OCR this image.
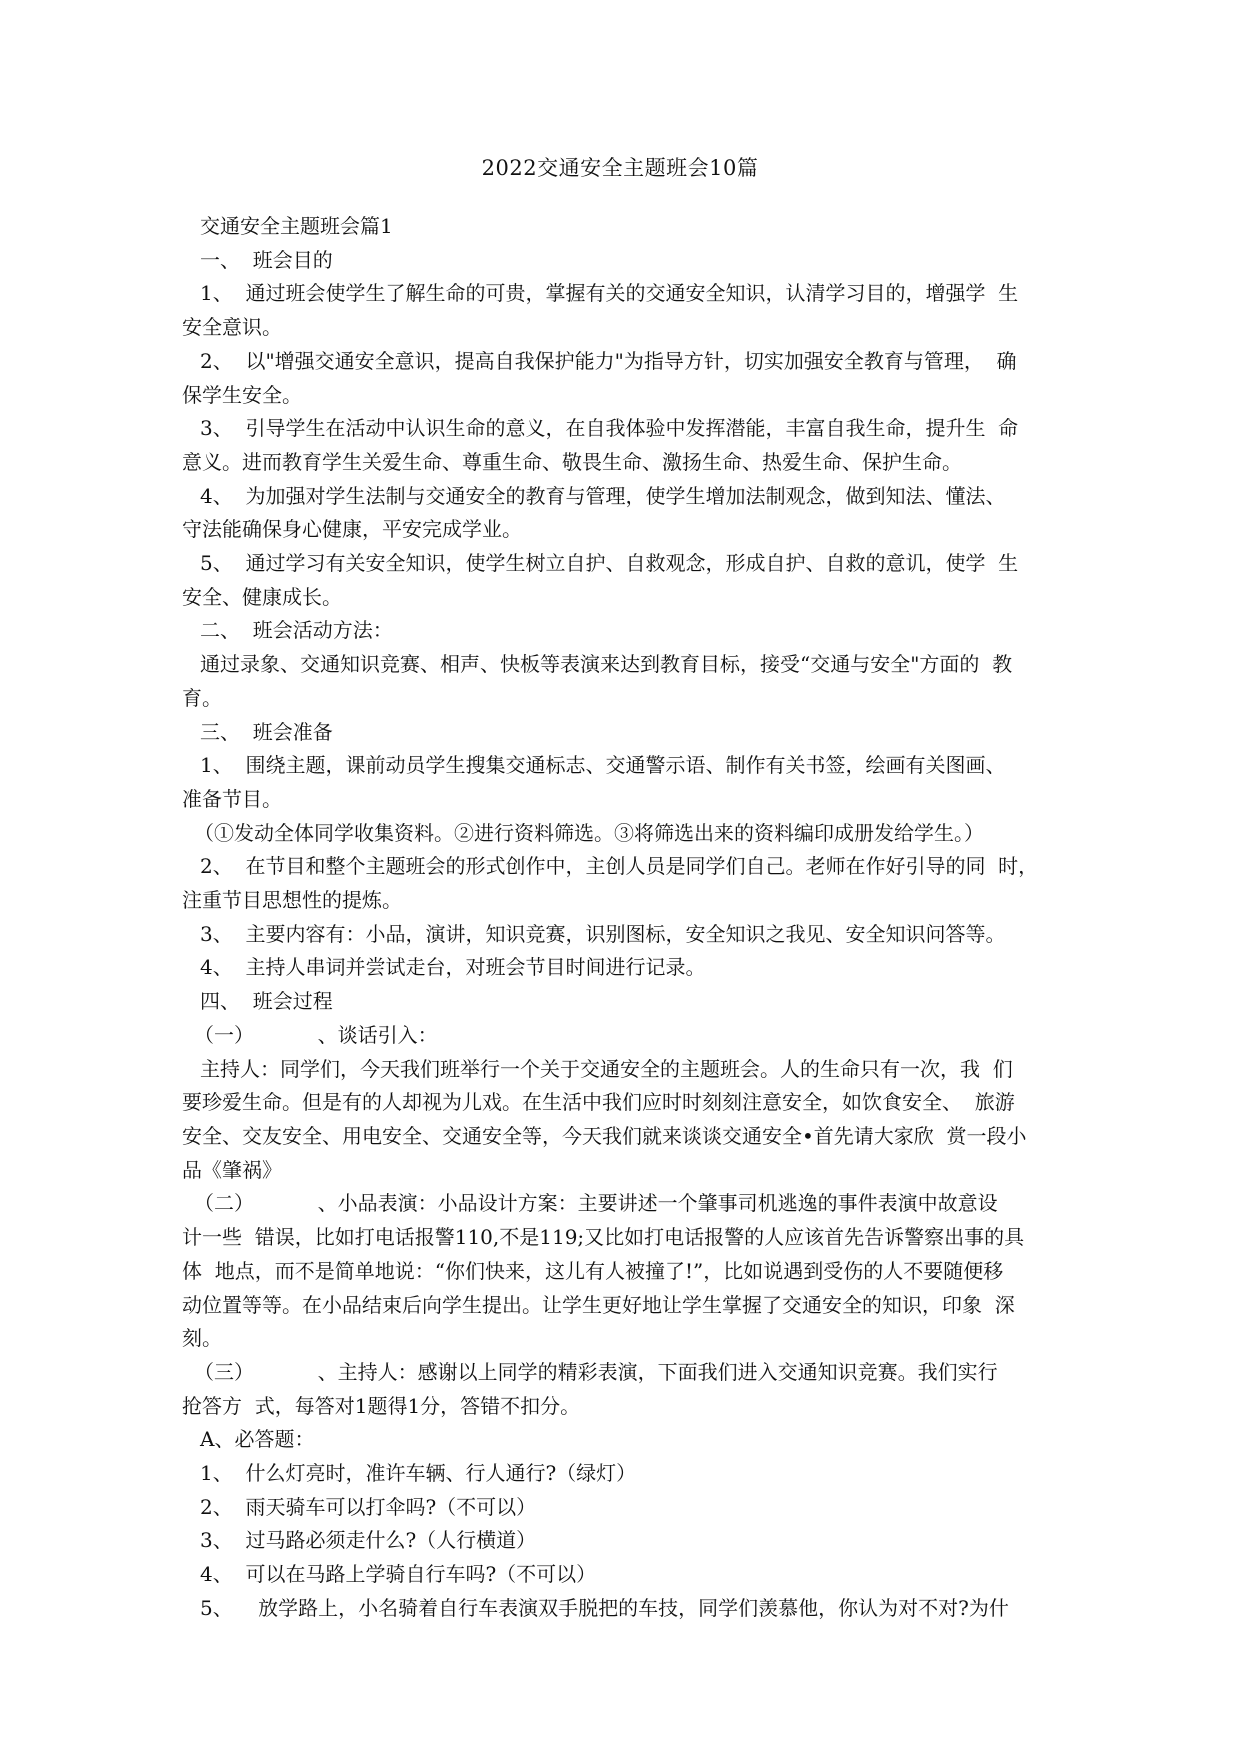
2022交通安全主题班会10篇
交通安全主题班会篇1
一、  班会目的
1、  通过班会使学生了解生命的可贵，掌握有关的交通安全知识，认清学习目的，增强学  生
安全意识。
2、  以"增强交通安全意识，提高自我保护能力"为指导方针，切实加强安全教育与管理，  确
保学生安全。
3、  引导学生在活动中认识生命的意义，在自我体验中发挥潜能，丰富自我生命，提升生  命
意义。进而教育学生关爱生命、尊重生命、敬畏生命、激扬生命、热爱生命、保护生命。
4、  为加强对学生法制与交通安全的教育与管理，使学生增加法制观念，做到知法、懂法、
守法能确保身心健康，平安完成学业。
5、  通过学习有关安全知识，使学生树立自护、自救观念，形成自护、自救的意讥，使学  生
安全、健康成长。
二、  班会活动方法：
通过录象、交通知识竞赛、相声、快板等表演来达到教育目标，接受“交通与安全"方面的  教
育。
三、  班会准备
1、  围绕主题，课前动员学生搜集交通标志、交通警示语、制作有关书签，绘画有关图画、
准备节目。
（①发动全体同学收集资料。②进行资料筛选。③将筛选出来的资料编印成册发给学生。）
2、  在节目和整个主题班会的形式创作中，主创人员是同学们自己。老师在作好引导的同  时，
注重节目思想性的提炼。
3、  主要内容有：小品，演讲，知识竞赛，识别图标，安全知识之我见、安全知识问答等。
4、  主持人串词并尝试走台，对班会节目时间进行记录。
四、  班会过程
（一）          、谈话引入：
主持人：同学们，今天我们班举行一个关于交通安全的主题班会。人的生命只有一次，我  们
要珍爱生命。但是有的人却视为儿戏。在生活中我们应时时刻刻注意安全，如饮食安全、  旅游
安全、交友安全、用电安全、交通安全等，今天我们就来谈谈交通安全•首先请大家欣  赏一段小
品《肇祸》
（二）          、小品表演：小品设计方案：主要讲述一个肇事司机逃逸的事件表演中故意设
计一些  错误，比如打电话报警110,不是119;又比如打电话报警的人应该首先告诉警察出事的具
体  地点，而不是简单地说：“你们快来，这儿有人被撞了!”，比如说遇到受伤的人不要随便移
动位置等等。在小品结束后向学生提出。让学生更好地让学生掌握了交通安全的知识，印象  深
刻。
（三）          、主持人：感谢以上同学的精彩表演，下面我们进入交通知识竞赛。我们实行
抢答方  式，每答对1题得1分，答错不扣分。
A、必答题：
1、  什么灯亮时，准许车辆、行人通行?（绿灯）
2、  雨天骑车可以打伞吗?（不可以）
3、  过马路必须走什么?（人行横道）
4、  可以在马路上学骑自行车吗?（不可以）
5、    放学路上，小名骑着自行车表演双手脱把的车技，同学们羡慕他，你认为对不对?为什
